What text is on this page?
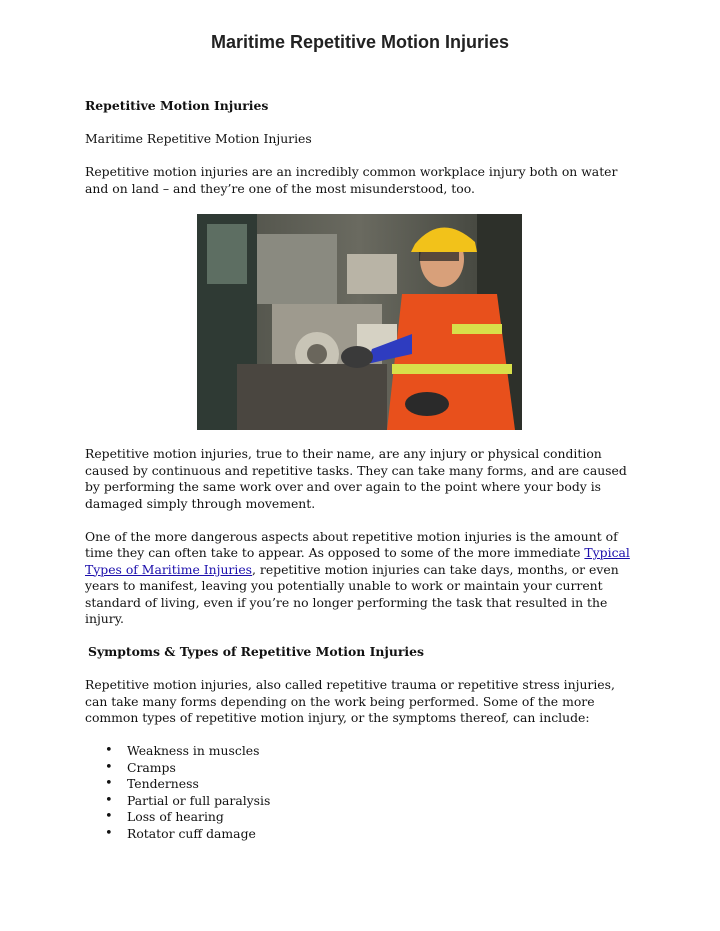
Maritime Repetitive Motion Injuries

Repetitive Motion Injuries

Maritime Repetitive Motion Injuries

Repetitive motion injuries are an incredibly common workplace injury both on water and on land – and they’re one of the most misunderstood, too.

Repetitive motion injuries, true to their name, are any injury or physical condition caused by continuous and repetitive tasks. They can take many forms, and are caused by performing the same work over and over again to the point where your body is damaged simply through movement.

One of the more dangerous aspects about repetitive motion injuries is the amount of time they can often take to appear. As opposed to some of the more immediate Typical Types of Maritime Injuries, repetitive motion injuries can take days, months, or even years to manifest, leaving you potentially unable to work or maintain your current standard of living, even if you’re no longer performing the task that resulted in the injury.

Symptoms & Types of Repetitive Motion Injuries

Repetitive motion injuries, also called repetitive trauma or repetitive stress injuries, can take many forms depending on the work being performed. Some of the more common types of repetitive motion injury, or the symptoms thereof, can include:

• Weakness in muscles
• Cramps
• Tenderness
• Partial or full paralysis
• Loss of hearing
• Rotator cuff damage
